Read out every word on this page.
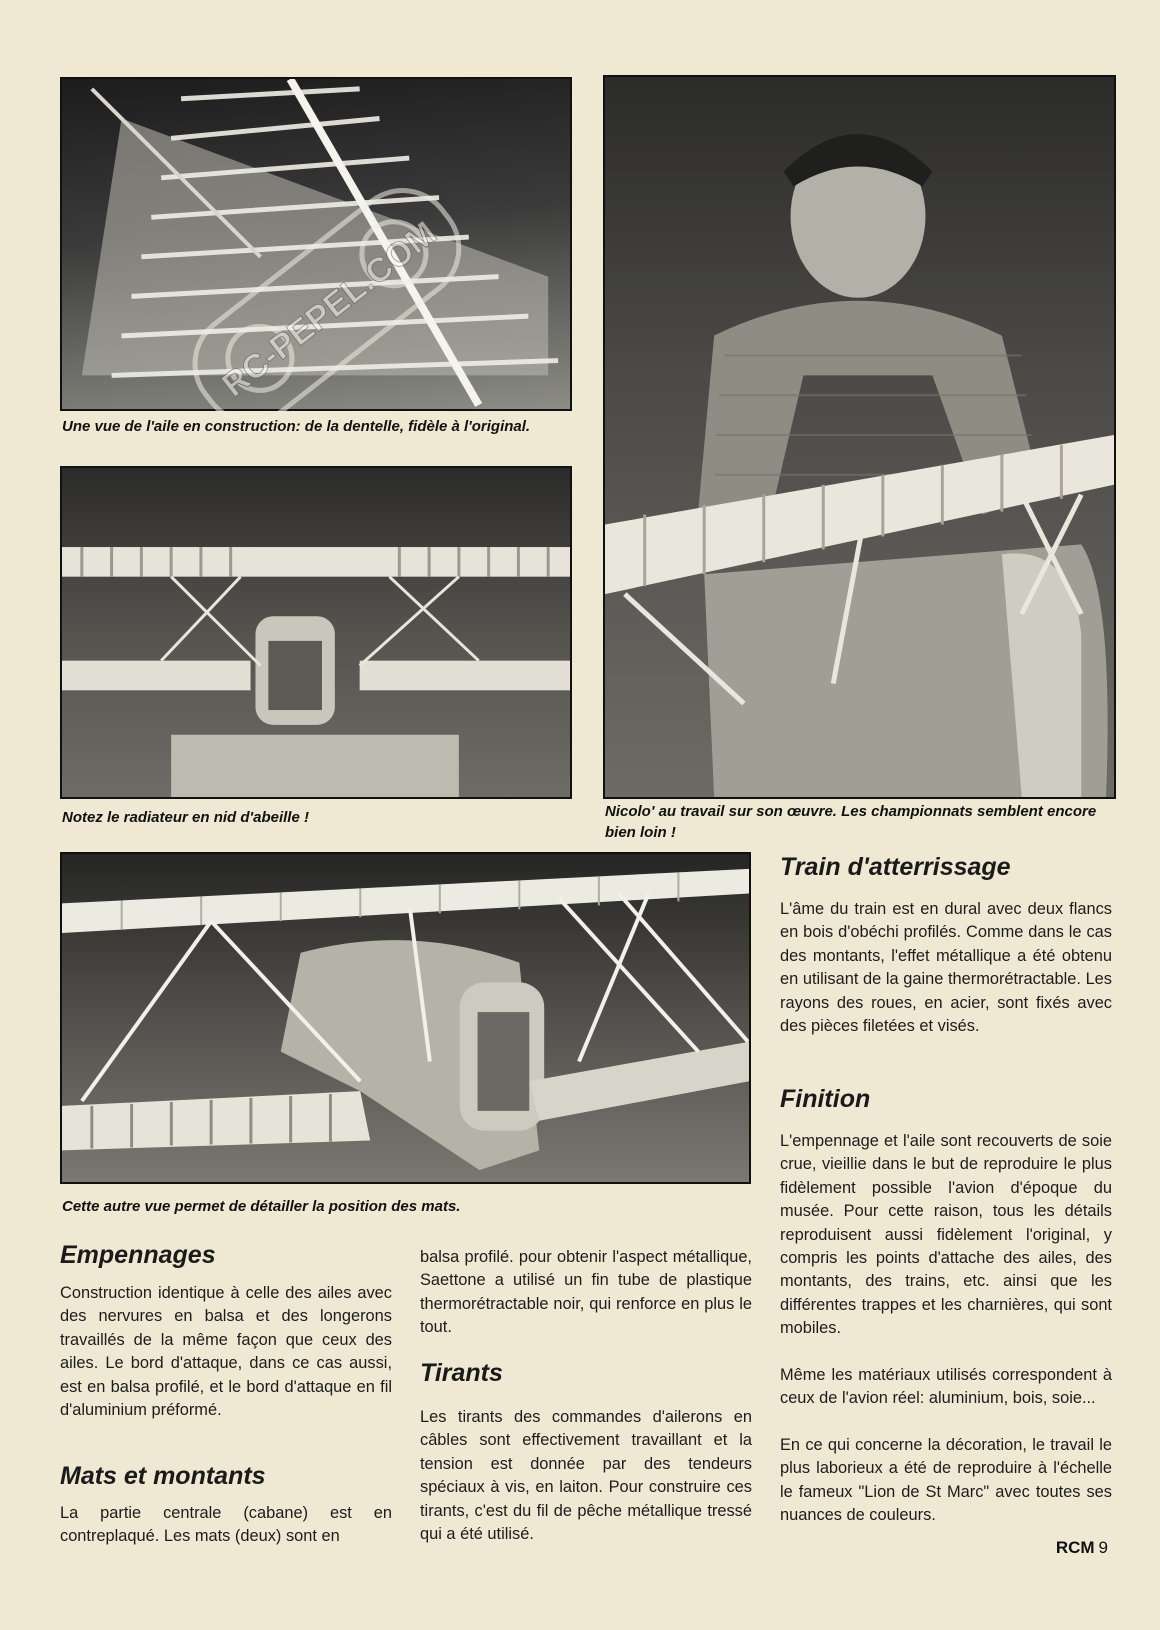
RC-PEPEL.COM
Une vue de l'aile en construction: de la dentelle, fidèle à l'original.
Notez le radiateur en nid d'abeille !	Nicolo' au travail sur son œuvre. Les championnats semblent encore bien loin !
Cette autre vue permet de détailler la position des mats.
Train d'atterrissage

L'âme du train est en dural avec deux flancs en bois d'obéchi profilés. Comme dans le cas des montants, l'effet métallique a été obtenu en utilisant de la gaine thermorétractable. Les rayons des roues, en acier, sont fixés avec des pièces filetées et visés.

Finition

L'empennage et l'aile sont recouverts de soie crue, vieillie dans le but de reproduire le plus fidèlement possible l'avion d'époque du musée. Pour cette raison, tous les détails reproduisent aussi fidèlement l'original, y compris les points d'attache des ailes, des montants, des trains, etc. ainsi que les différentes trappes et les charnières, qui sont mobiles.

Même les matériaux utilisés correspondent à ceux de l'avion réel: aluminium, bois, soie...

En ce qui concerne la décoration, le travail le plus laborieux a été de reproduire à l'échelle le fameux "Lion de St Marc" avec toutes ses nuances de couleurs.

Empennages

Construction identique à celle des ailes avec des nervures en balsa et des longerons travaillés de la même façon que ceux des ailes. Le bord d'attaque, dans ce cas aussi, est en balsa profilé, et le bord d'attaque en fil d'aluminium préformé.

Mats et montants

La partie centrale (cabane) est en contreplaqué. Les mats (deux) sont en

balsa profilé. pour obtenir l'aspect métallique, Saettone a utilisé un fin tube de plastique thermorétractable noir, qui renforce en plus le tout.

Tirants

Les tirants des commandes d'ailerons en câbles sont effectivement travaillant et la tension est donnée par des tendeurs spéciaux à vis, en laiton. Pour construire ces tirants, c'est du fil de pêche métallique tressé qui a été utilisé.

RCM 9
